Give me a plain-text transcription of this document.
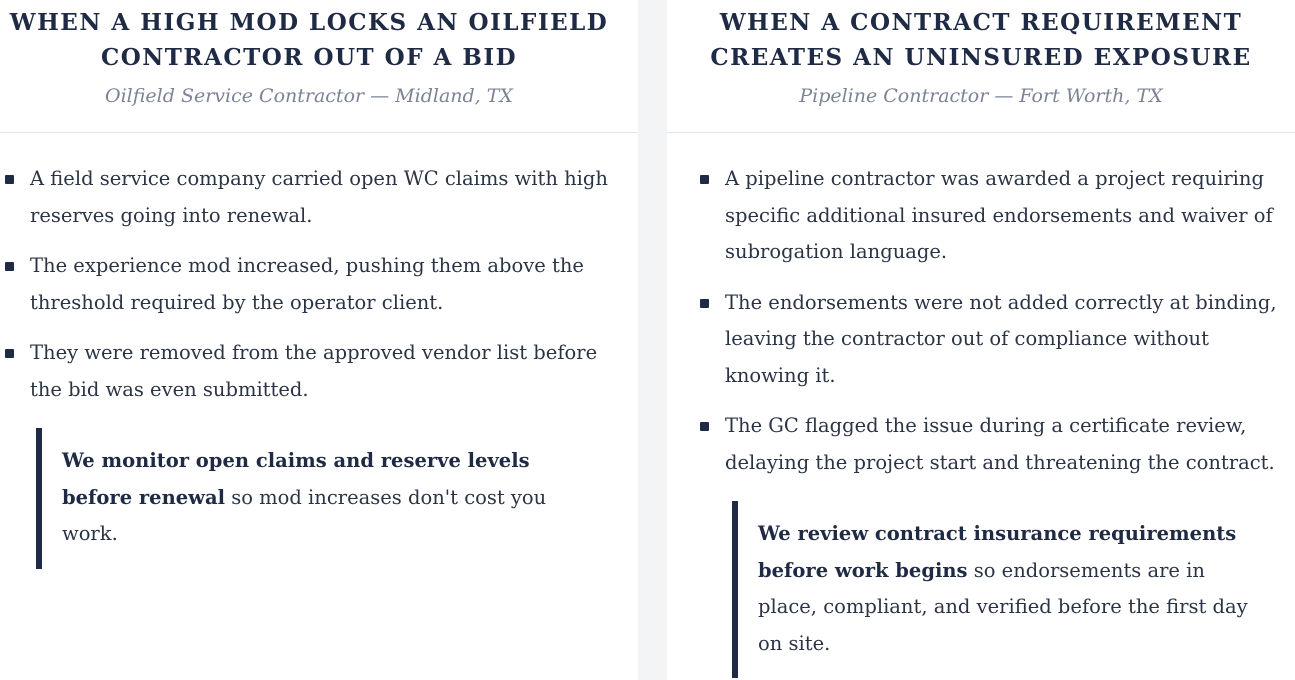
WHEN A HIGH MOD LOCKS AN OILFIELD CONTRACTOR OUT OF A BID
Oilfield Service Contractor — Midland, TX
A field service company carried open WC claims with high reserves going into renewal.
The experience mod increased, pushing them above the threshold required by the operator client.
They were removed from the approved vendor list before the bid was even submitted.
We monitor open claims and reserve levels before renewal so mod increases don't cost you work.
WHEN A CONTRACT REQUIREMENT CREATES AN UNINSURED EXPOSURE
Pipeline Contractor — Fort Worth, TX
A pipeline contractor was awarded a project requiring specific additional insured endorsements and waiver of subrogation language.
The endorsements were not added correctly at binding, leaving the contractor out of compliance without knowing it.
The GC flagged the issue during a certificate review, delaying the project start and threatening the contract.
We review contract insurance requirements before work begins so endorsements are in place, compliant, and verified before the first day on site.
